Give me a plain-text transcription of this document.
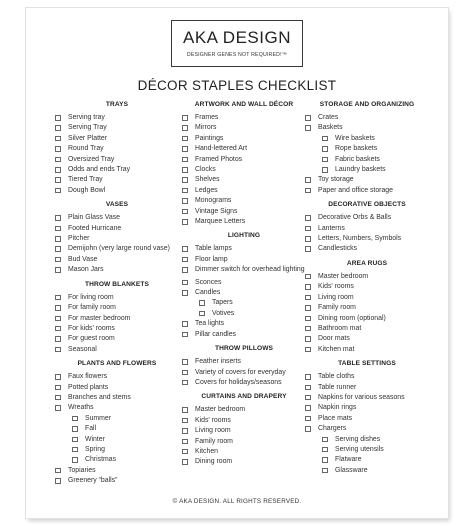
AKA DESIGN
DESIGNER GENES NOT REQUIRED!™
DÉCOR STAPLES CHECKLIST
TRAYS
Serving tray
Serving Tray
Silver Platter
Round Tray
Oversized Tray
Odds and ends Tray
Tiered Tray
Dough Bowl
VASES
Plain Glass Vase
Footed Hurricane
Pitcher
Demijohn (very large round vase)
Bud Vase
Mason Jars
THROW BLANKETS
For living room
For family room
For master bedroom
For kids' rooms
For guest room
Seasonal
PLANTS AND FLOWERS
Faux flowers
Potted plants
Branches and stems
Wreaths
Summer
Fall
Winter
Spring
Christmas
Topiaries
Greenery “balls”
ARTWORK AND WALL DÉCOR
Frames
Mirrors
Paintings
Hand-lettered Art
Framed Photos
Clocks
Shelves
Ledges
Monograms
Vintage Signs
Marquee Letters
LIGHTING
Table lamps
Floor lamp
Dimmer switch for overhead lighting
Sconces
Candles
Tapers
Votives
Tea lights
Pillar candles
THROW PILLOWS
Feather inserts
Variety of covers for everyday
Covers for holidays/seasons
CURTAINS AND DRAPERY
Master bedroom
Kids' rooms
Living room
Family room
Kitchen
Dining room
STORAGE AND ORGANIZING
Crates
Baskets
Wire baskets
Rope baskets
Fabric baskets
Laundry baskets
Toy storage
Paper and office storage
DECORATIVE OBJECTS
Decorative Orbs & Balls
Lanterns
Letters, Numbers, Symbols
Candlesticks
AREA RUGS
Master bedroom
Kids' rooms
Living room
Family room
Dining room (optional)
Bathroom mat
Door mats
Kitchen mat
TABLE SETTINGS
Table cloths
Table runner
Napkins for various seasons
Napkin rings
Place mats
Chargers
Serving dishes
Serving utensils
Flatware
Glassware
© AKA DESIGN. ALL RIGHTS RESERVED.
